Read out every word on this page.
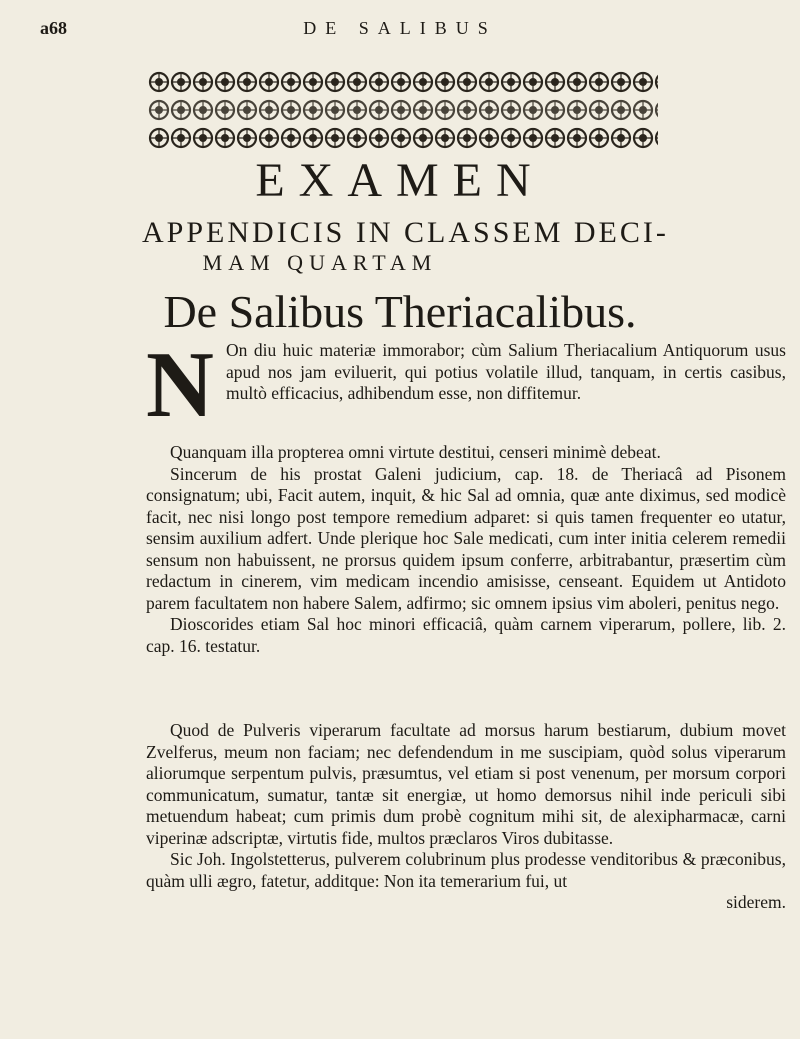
a68	DE SALIBUS
EXAMEN
APPENDICIS IN CLASSEM DECI-
MAM QUARTAM
De Salibus Theriacalibus.
N On diu huic materiæ immorabor; cùm Salium Theriacalium Antiquorum usus apud nos jam eviluerit, qui potius volatile illud, tanquam, in certis casibus, multò efficacius, adhibendum esse, non diffitemur.

Quanquam illa propterea omni virtute destitui, censeri minimè debeat.

Sincerum de his prostat Galeni judicium, cap. 18. de Theriacâ ad Pisonem consignatum; ubi, Facit autem, inquit, & hic Sal ad omnia, quæ ante diximus, sed modicè facit, nec nisi longo post tempore remedium adparet: si quis tamen frequenter eo utatur, sensim auxilium adfert. Unde plerique hoc Sale medicati, cum inter initia celerem remedii sensum non habuissent, ne prorsus quidem ipsum conferre, arbitrabantur, præsertim cùm redactum in cinerem, vim medicam incendio amisisse, censeant. Equidem ut Antidoto parem facultatem non habere Salem, adfirmo; sic omnem ipsius vim aboleri, penitus nego.

Dioscorides etiam Sal hoc minori efficaciâ, quàm carnem viperarum, pollere, lib. 2. cap. 16. testatur.

Quod de Pulveris viperarum facultate ad morsus harum bestiarum, dubium movet Zvelferus, meum non faciam; nec defendendum in me suscipiam, quòd solus viperarum aliorumque serpentum pulvis, præsumtus, vel etiam si post venenum, per morsum corpori communicatum, sumatur, tantæ sit energiæ, ut homo demorsus nihil inde periculi sibi metuendum habeat; cum primis dum probè cognitum mihi sit, de alexipharmacæ, carni viperinæ adscriptæ, virtutis fide, multos præclaros Viros dubitasse.

Sic Joh. Ingolstetterus, pulverem colubrinum plus prodesse venditoribus & præconibus, quàm ulli ægro, fatetur, additque: Non ita temerarium fui, ut

siderem.
